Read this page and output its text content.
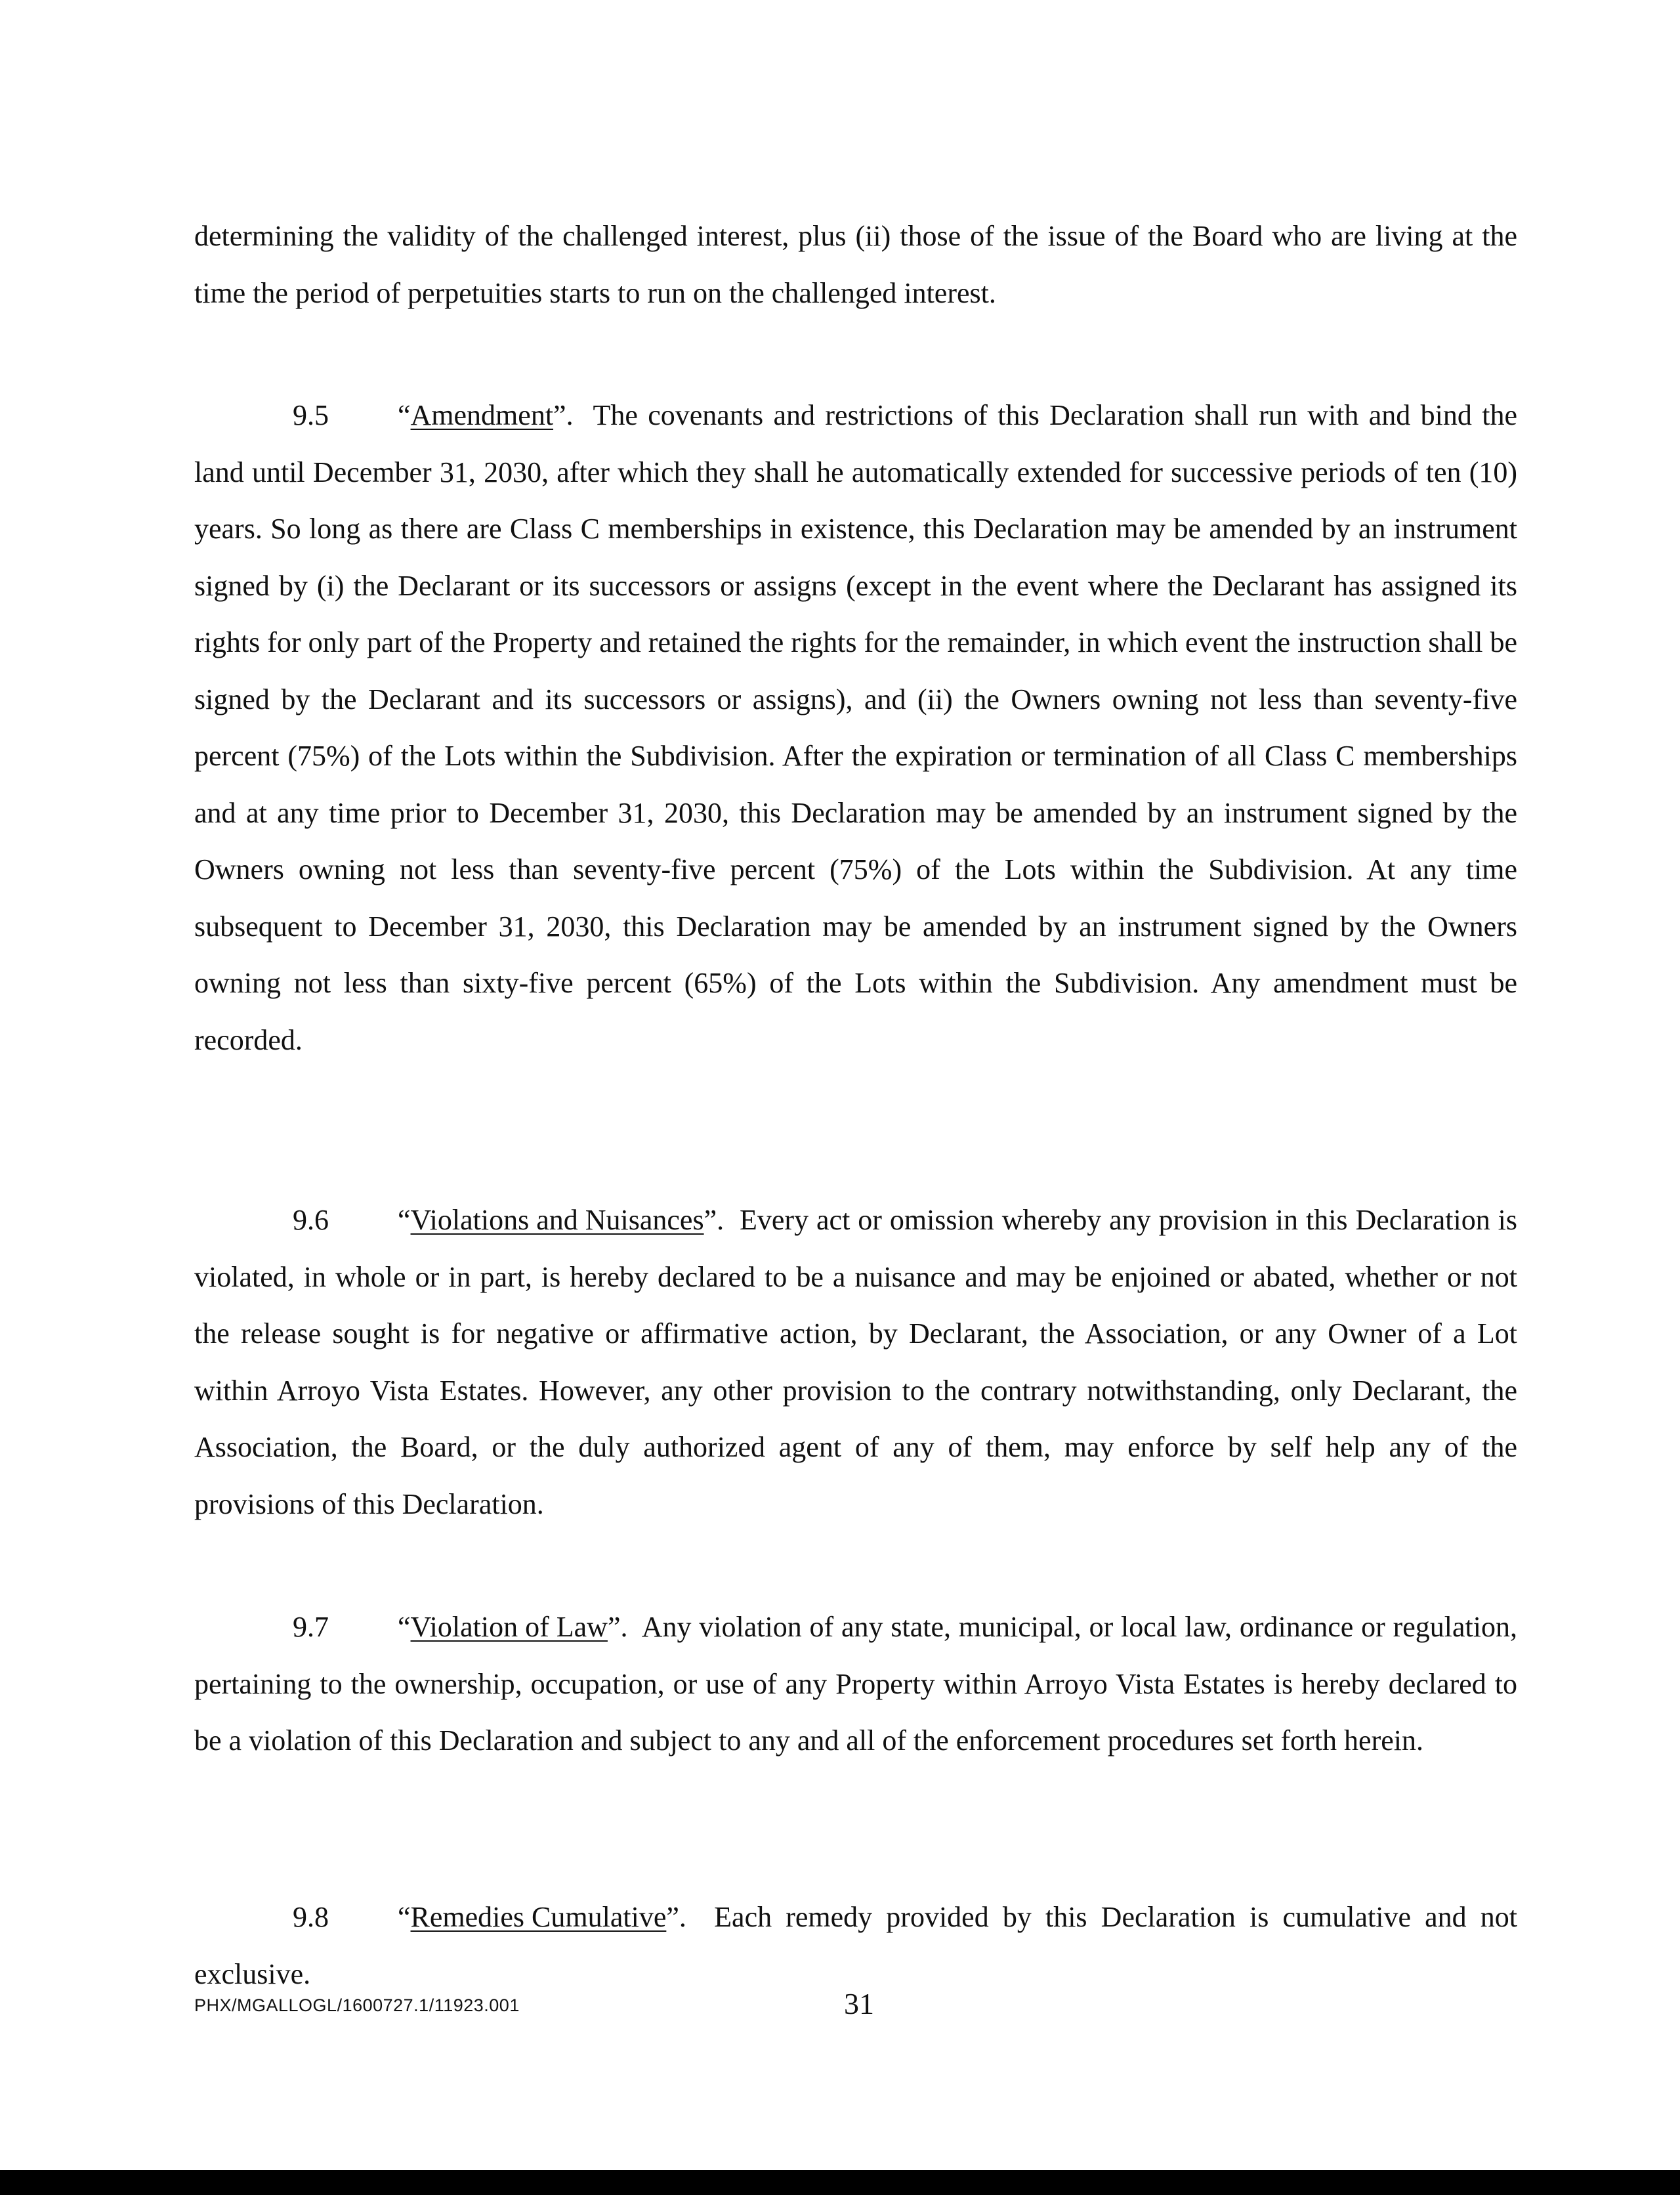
determining the validity of the challenged interest, plus (ii) those of the issue of the Board who are living at the time the period of perpetuities starts to run on the challenged interest.

9.5 “Amendment”. The covenants and restrictions of this Declaration shall run with and bind the land until December 31, 2030, after which they shall he automatically extended for successive periods of ten (10) years. So long as there are Class C memberships in existence, this Declaration may be amended by an instrument signed by (i) the Declarant or its successors or assigns (except in the event where the Declarant has assigned its rights for only part of the Property and retained the rights for the remainder, in which event the instruction shall be signed by the Declarant and its successors or assigns), and (ii) the Owners owning not less than seventy-five percent (75%) of the Lots within the Subdivision. After the expiration or termination of all Class C memberships and at any time prior to December 31, 2030, this Declaration may be amended by an instrument signed by the Owners owning not less than seventy-five percent (75%) of the Lots within the Subdivision. At any time subsequent to December 31, 2030, this Declaration may be amended by an instrument signed by the Owners owning not less than sixty-five percent (65%) of the Lots within the Subdivision. Any amendment must be recorded.

9.6 “Violations and Nuisances”. Every act or omission whereby any provision in this Declaration is violated, in whole or in part, is hereby declared to be a nuisance and may be enjoined or abated, whether or not the release sought is for negative or affirmative action, by Declarant, the Association, or any Owner of a Lot within Arroyo Vista Estates. However, any other provision to the contrary notwithstanding, only Declarant, the Association, the Board, or the duly authorized agent of any of them, may enforce by self help any of the provisions of this Declaration.

9.7 “Violation of Law”. Any violation of any state, municipal, or local law, ordinance or regulation, pertaining to the ownership, occupation, or use of any Property within Arroyo Vista Estates is hereby declared to be a violation of this Declaration and subject to any and all of the enforcement procedures set forth herein.

9.8 “Remedies Cumulative”. Each remedy provided by this Declaration is cumulative and not exclusive.

PHX/MGALLOGL/1600727.1/11923.001	31
